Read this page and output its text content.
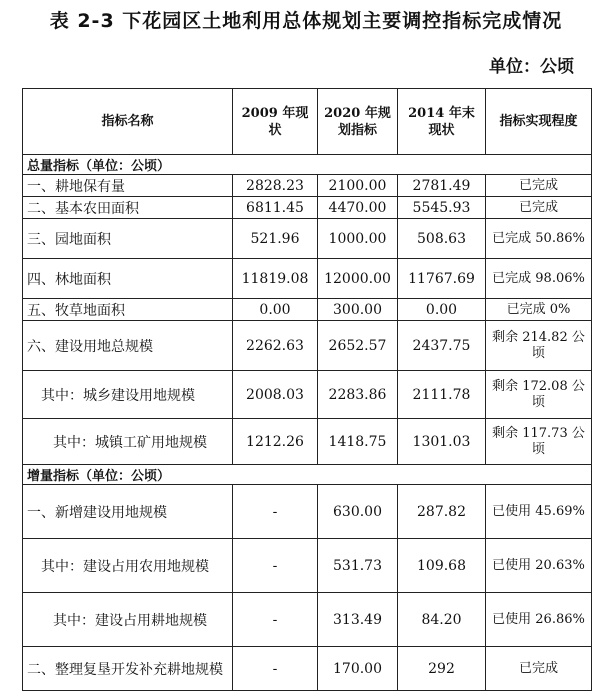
表 2-3 下花园区土地利用总体规划主要调控指标完成情况
单位：公顷
指标名称	2009 年现状	2020 年规划指标	2014 年末现状	指标实现程度
总量指标（单位：公顷）				
一、耕地保有量	2828.23	2100.00	2781.49	已完成
二、基本农田面积	6811.45	4470.00	5545.93	已完成
三、园地面积	521.96	1000.00	508.63	已完成 50.86%
四、林地面积	11819.08	12000.00	11767.69	已完成 98.06%
五、牧草地面积	0.00	300.00	0.00	已完成 0%
六、建设用地总规模	2262.63	2652.57	2437.75	剩余 214.82 公顷
其中：城乡建设用地规模	2008.03	2283.86	2111.78	剩余 172.08 公顷
其中：城镇工矿用地规模	1212.26	1418.75	1301.03	剩余 117.73 公顷
增量指标（单位：公顷）				
一、新增建设用地规模	-	630.00	287.82	已使用 45.69%
其中：建设占用农用地规模	-	531.73	109.68	已使用 20.63%
其中：建设占用耕地规模	-	313.49	84.20	已使用 26.86%
二、整理复垦开发补充耕地规模	-	170.00	292	已完成
